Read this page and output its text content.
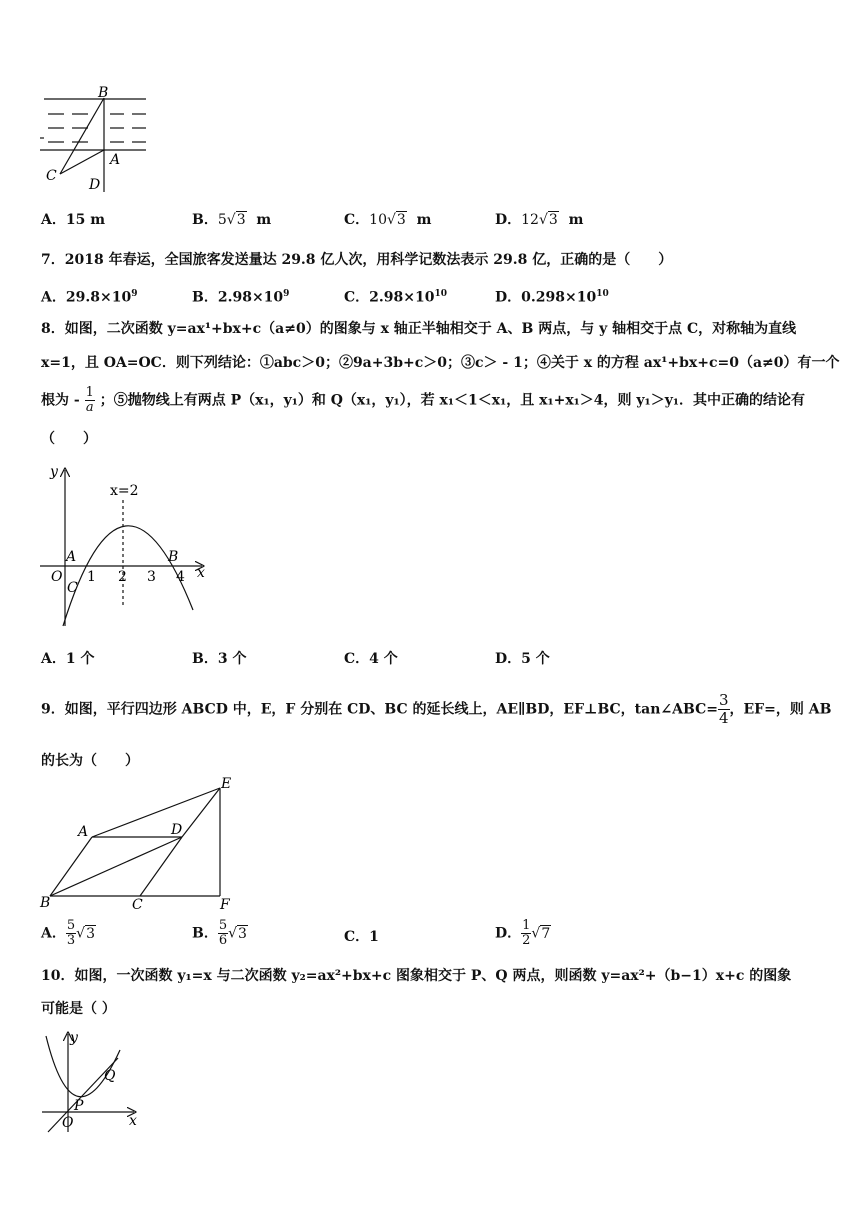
B
C
A
D
A．15 m	B．5√3 m	C．10√3 m	D．12√3 m
7．2018 年春运，全国旅客发送量达 29.8 亿人次，用科学记数法表示 29.8 亿，正确的是（　　）
A．$29.8\times 10^9$	B．$2.98\times 10^9$	C．$2.98\times 10^{10}$	D．$0.298\times 10^{10}$
8．如图，二次函数 y=ax¹+bx+c（a≠0）的图象与 x 轴正半轴相交于 A、B 两点，与 y 轴相交于点 C，对称轴为直线
x=1，且 OA=OC．则下列结论：①abc＞0；②9a+3b+c＞0；③c＞ - 1；④关于 x 的方程 ax¹+bx+c=0（a≠0）有一个
根为 - $\frac{1}{a}$ ；⑤抛物线上有两点 P（x₁，y₁）和 Q（x₁，y₁），若 x₁＜1＜x₁，且 x₁+x₁＞4，则 y₁＞y₁．其中正确的结论有
（　　）
y
x
O
A	B
C
x=2
1 2 3 4
A．1 个	B．3 个	C．4 个	D．5 个
9．如图，平行四边形 ABCD 中，E，F 分别在 CD、BC 的延长线上，AE∥BD，EF⊥BC，tan∠ABC= $\frac{3}{4}$ ，EF=，则 AB
的长为（　　）
E
A	D
B	C	F
A． $\frac{5}{3} √3$	B． $\frac{5}{6} √3$	C．1	D． $\frac{1}{2} √7$
10．如图，一次函数 y₁=x 与二次函数 y₂=ax²+bx+c 图象相交于 P、Q 两点，则函数 y=ax²+（b−1）x+c 的图象
可能是（ ）
y
x
O
P
Q
